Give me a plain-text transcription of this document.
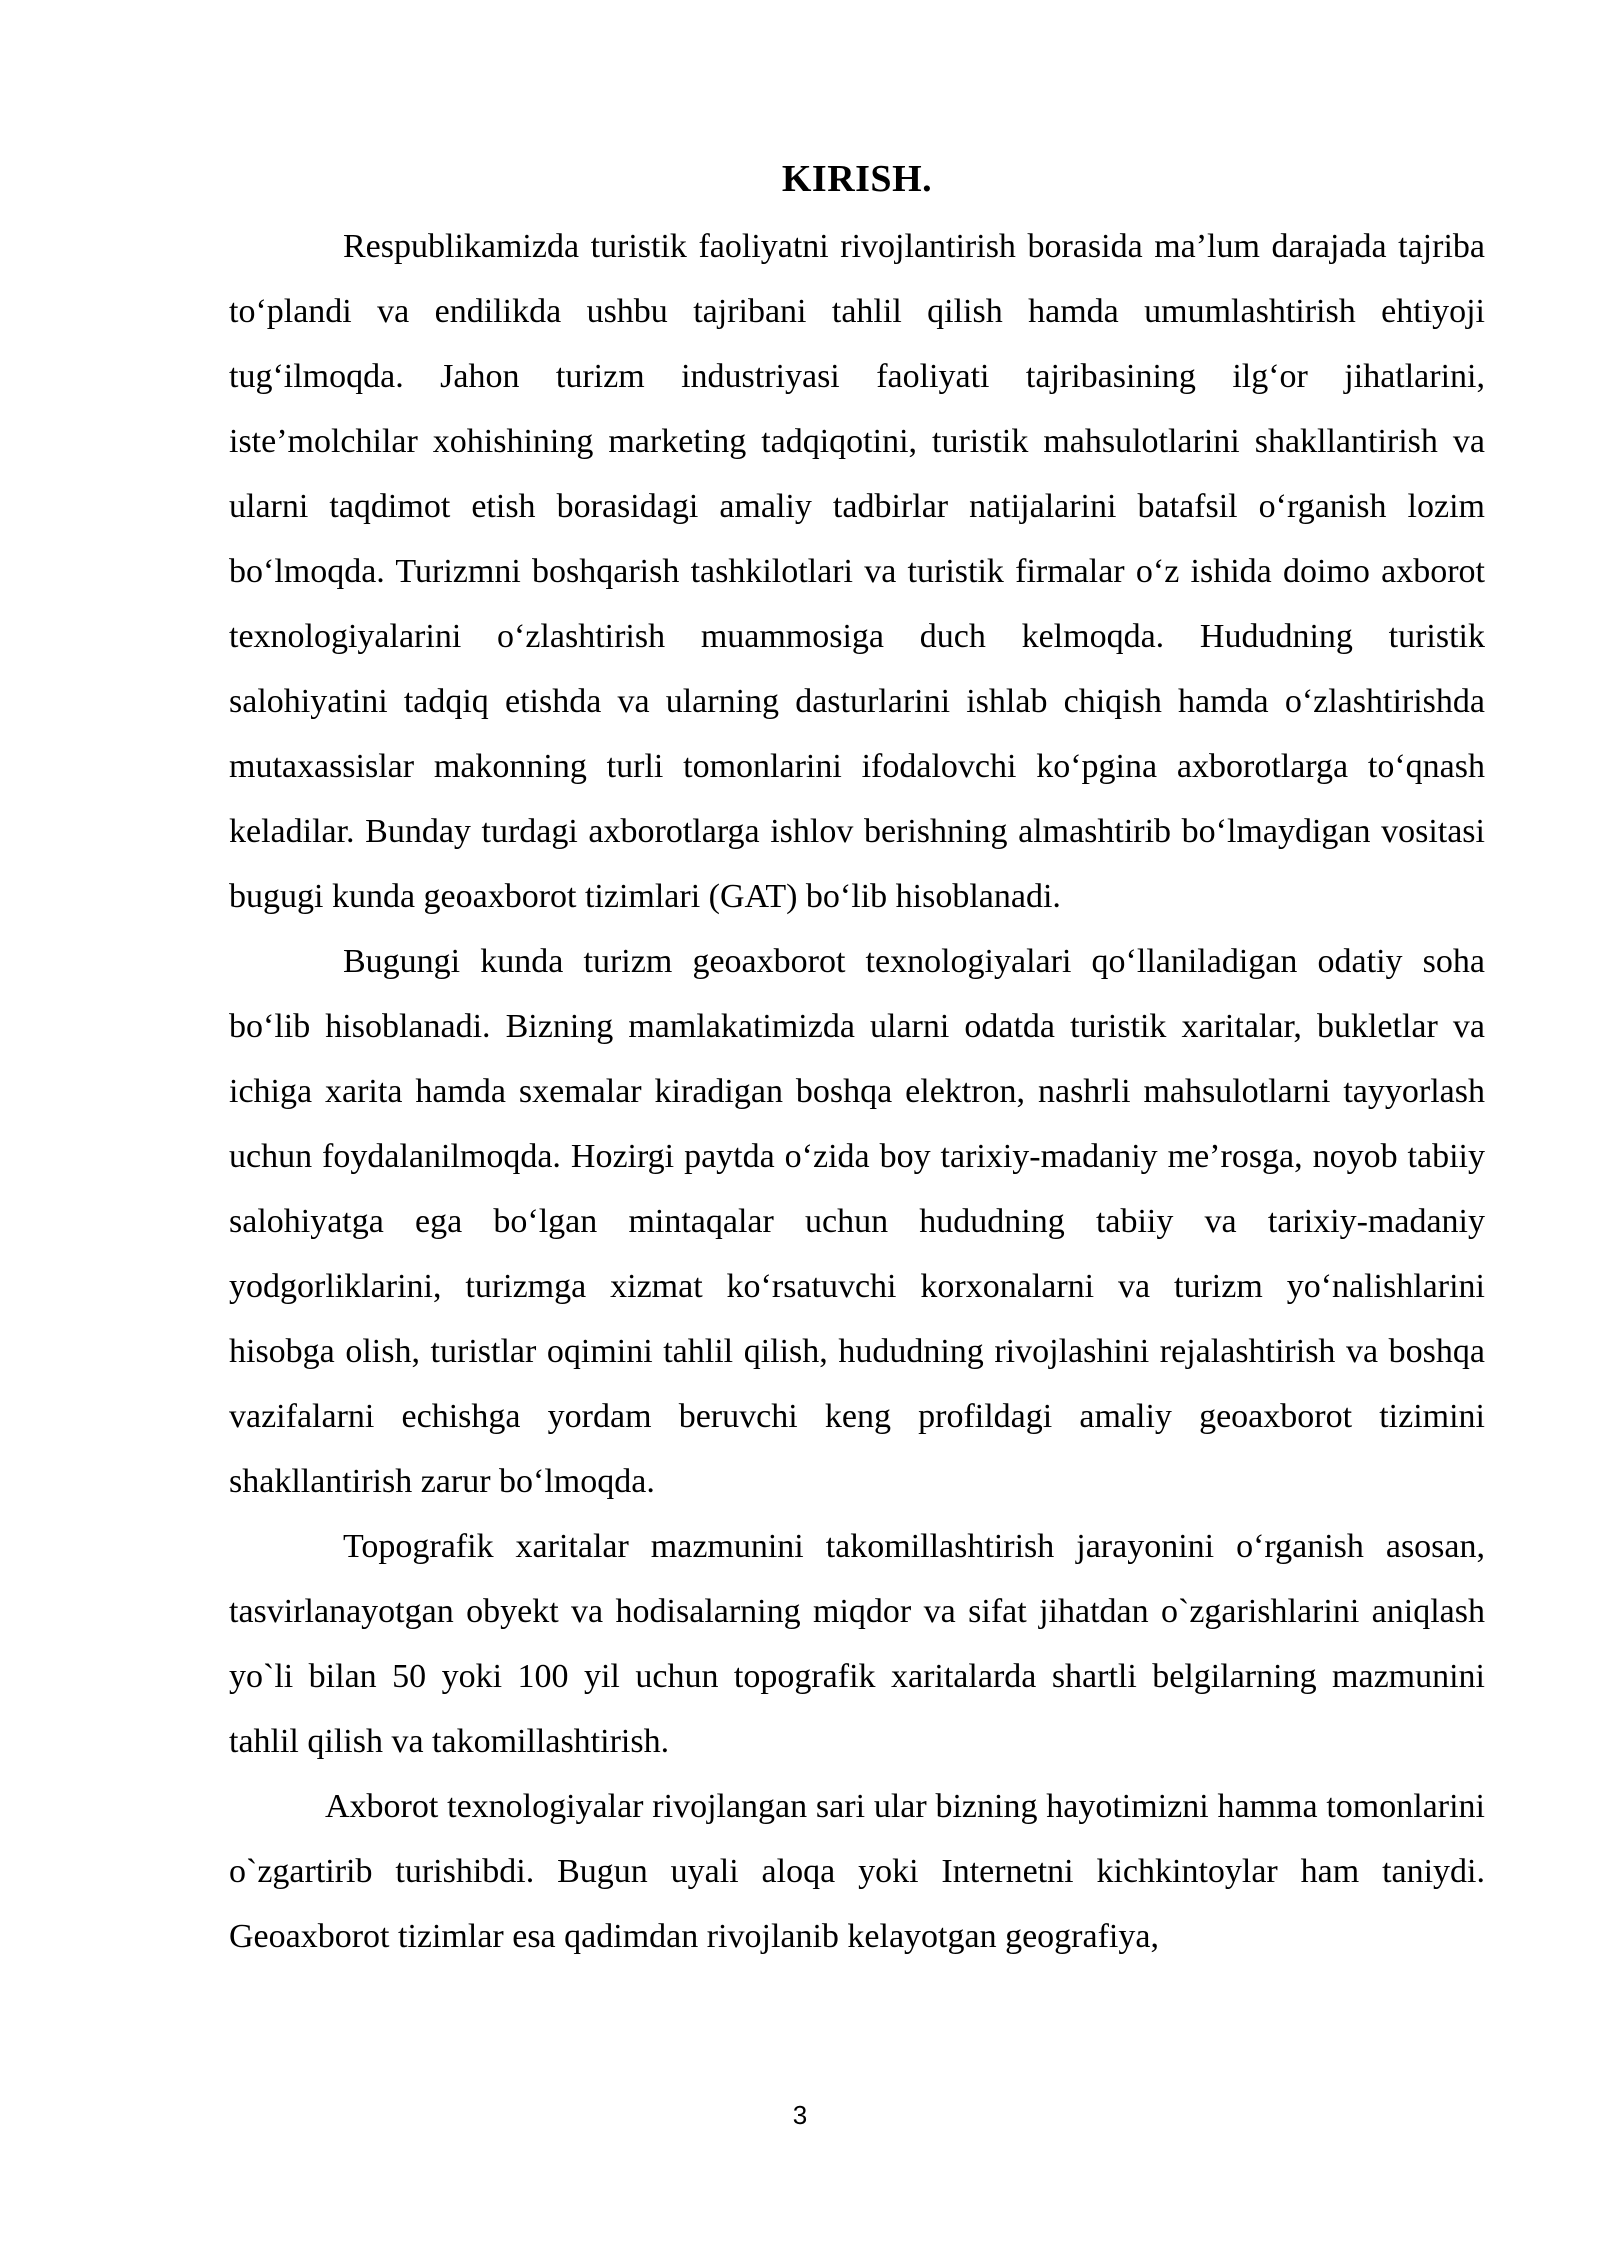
KIRISH.

Respublikamizda turistik faoliyatni rivojlantirish borasida ma’lum darajada tajriba to‘plandi va endilikda ushbu tajribani tahlil qilish hamda umumlashtirish ehtiyoji tug‘ilmoqda. Jahon turizm industriyasi faoliyati tajribasining ilg‘or jihatlarini, iste’molchilar xohishining marketing tadqiqotini, turistik mahsulotlarini shakllantirish va ularni taqdimot etish borasidagi amaliy tadbirlar natijalarini batafsil o‘rganish lozim bo‘lmoqda. Turizmni boshqarish tashkilotlari va turistik firmalar o‘z ishida doimo axborot texnologiyalarini o‘zlashtirish muammosiga duch kelmoqda. Hududning turistik salohiyatini tadqiq etishda va ularning dasturlarini ishlab chiqish hamda o‘zlashtirishda mutaxassislar makonning turli tomonlarini ifodalovchi ko‘pgina axborotlarga to‘qnash keladilar. Bunday turdagi axborotlarga ishlov berishning almashtirib bo‘lmaydigan vositasi bugugi kunda geoaxborot tizimlari (GAT) bo‘lib hisoblanadi.

Bugungi kunda turizm geoaxborot texnologiyalari qo‘llaniladigan odatiy soha bo‘lib hisoblanadi. Bizning mamlakatimizda ularni odatda turistik xaritalar, bukletlar va ichiga xarita hamda sxemalar kiradigan boshqa elektron, nashrli mahsulotlarni tayyorlash uchun foydalanilmoqda. Hozirgi paytda o‘zida boy tarixiy-madaniy me’rosga, noyob tabiiy salohiyatga ega bo‘lgan mintaqalar uchun hududning tabiiy va tarixiy-madaniy yodgorliklarini, turizmga xizmat ko‘rsatuvchi korxonalarni va turizm yo‘nalishlarini hisobga olish, turistlar oqimini tahlil qilish, hududning rivojlashini rejalashtirish va boshqa vazifalarni echishga yordam beruvchi keng profildagi amaliy geoaxborot tizimini shakllantirish zarur bo‘lmoqda.

Topografik xaritalar mazmunini takomillashtirish jarayonini o‘rganish asosan, tasvirlanayotgan obyekt va hodisalarning miqdor va sifat jihatdan o`zgarishlarini aniqlash yo`li bilan 50 yoki 100 yil uchun topografik xaritalarda shartli belgilarning mazmunini tahlil qilish va takomillashtirish.

Axborot texnologiyalar rivojlangan sari ular bizning hayotimizni hamma tomonlarini o`zgartirib turishibdi. Bugun uyali aloqa yoki Internetni kichkintoylar ham taniydi. Geoaxborot tizimlar esa qadimdan rivojlanib kelayotgan geografiya,

3
